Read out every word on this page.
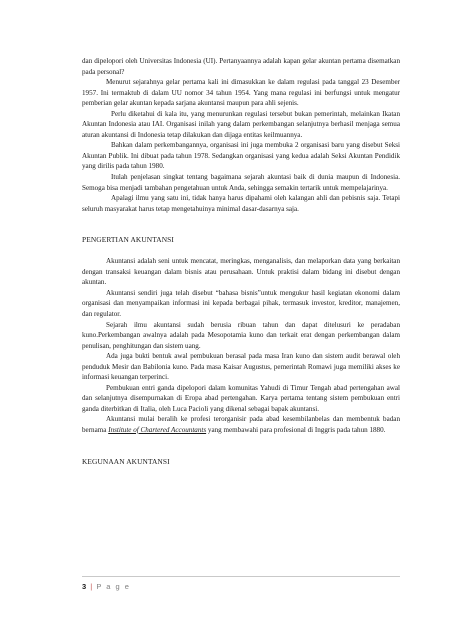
dan dipelopori oleh Universitas Indonesia (UI). Pertanyaannya adalah kapan gelar akuntan pertama disematkan pada personal?

Menurut sejarahnya gelar pertama kali ini dimasukkan ke dalam regulasi pada tanggal 23 Desember 1957. Ini termaktub di dalam UU nomor 34 tahun 1954. Yang mana regulasi ini berfungsi untuk mengatur pemberian gelar akuntan kepada sarjana akuntansi maupun para ahli sejenis.

Perlu diketahui di kala itu, yang menurunkan regulasi tersebut bukan pemerintah, melainkan Ikatan Akuntan Indonesia atau IAI. Organisasi inilah yang dalam perkembangan selanjutnya berhasil menjaga semua aturan akuntansi di Indonesia tetap dilakukan dan dijaga entitas keilmuannya.

Bahkan dalam perkembangannya, organisasi ini juga membuka 2 organisasi baru yang disebut Seksi Akuntan Publik. Ini dibuat pada tahun 1978. Sedangkan organisasi yang kedua adalah Seksi Akuntan Pendidik yang dirilis pada tahun 1980.

Itulah penjelasan singkat tentang bagaimana sejarah akuntasi baik di dunia maupun di Indonesia. Semoga bisa menjadi tambahan pengetahuan untuk Anda, sehingga semakin tertarik untuk mempelajarinya.

Apalagi ilmu yang satu ini, tidak hanya harus dipahami oleh kalangan ahli dan pebisnis saja. Tetapi seluruh masyarakat harus tetap mengetahuinya minimal dasar-dasarnya saja.

PENGERTIAN AKUNTANSI

Akuntansi adalah seni untuk mencatat, meringkas, menganalisis, dan melaporkan data yang berkaitan dengan transaksi keuangan dalam bisnis atau perusahaan. Untuk praktisi dalam bidang ini disebut dengan akuntan.

Akuntansi sendiri juga telah disebut “bahasa bisnis”untuk mengukur hasil kegiatan ekonomi dalam organisasi dan menyampaikan informasi ini kepada berbagai pihak, termasuk investor, kreditor, manajemen, dan regulator.

Sejarah ilmu akuntansi sudah berusia ribuan tahun dan dapat ditelusuri ke peradaban kuno.Perkembangan awalnya adalah pada Mesopotamia kuno dan terkait erat dengan perkembangan dalam penulisan, penghitungan dan sistem uang.

Ada juga bukti bentuk awal pembukuan berasal pada masa Iran kuno dan sistem audit berawal oleh penduduk Mesir dan Babilonia kuno. Pada masa Kaisar Augustus, pemerintah Romawi juga memiliki akses ke informasi keuangan terperinci.

Pembukuan entri ganda dipelopori dalam komunitas Yahudi di Timur Tengah abad pertengahan awal dan selanjutnya disempurnakan di Eropa abad pertengahan. Karya pertama tentang sistem pembukuan entri ganda diterbitkan di Italia, oleh Luca Pacioli yang dikenal sebagai bapak akuntansi.

Akuntansi mulai beralih ke profesi terorganisir pada abad kesembilanbelas dan membentuk badan bernama Institute of Chartered Accountants yang membawahi para profesional di Inggris pada tahun 1880.

KEGUNAAN AKUNTANSI
3 | P a g e
